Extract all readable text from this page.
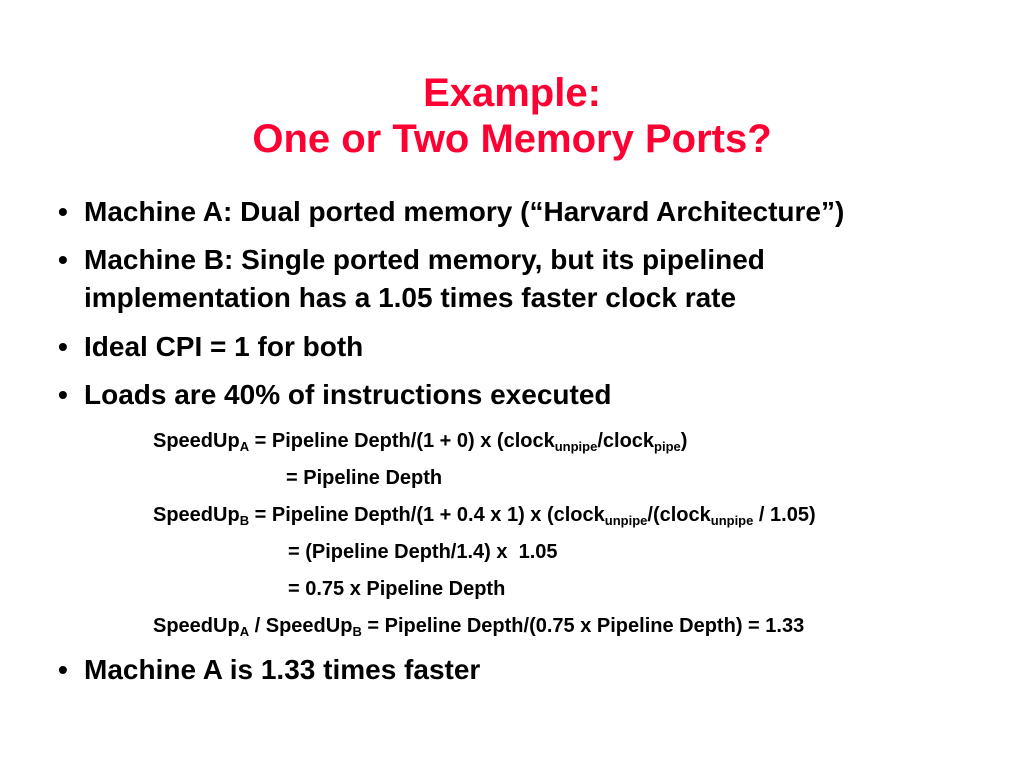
Example:
One or Two Memory Ports?
• Machine A: Dual ported memory (“Harvard Architecture”)
• Machine B: Single ported memory, but its pipelined
implementation has a 1.05 times faster clock rate
• Ideal CPI = 1 for both
• Loads are 40% of instructions executed
SpeedUp$_A$ = Pipeline Depth/(1 + 0) x (clock$_{unpipe}$/clock$_{pipe}$)
= Pipeline Depth
SpeedUp$_B$ = Pipeline Depth/(1 + 0.4 x 1) x (clock$_{unpipe}$/(clock$_{unpipe}$ / 1.05)
= (Pipeline Depth/1.4) x  1.05
= 0.75 x Pipeline Depth
SpeedUp$_A$ / SpeedUp$_B$ = Pipeline Depth/(0.75 x Pipeline Depth) = 1.33
• Machine A is 1.33 times faster
